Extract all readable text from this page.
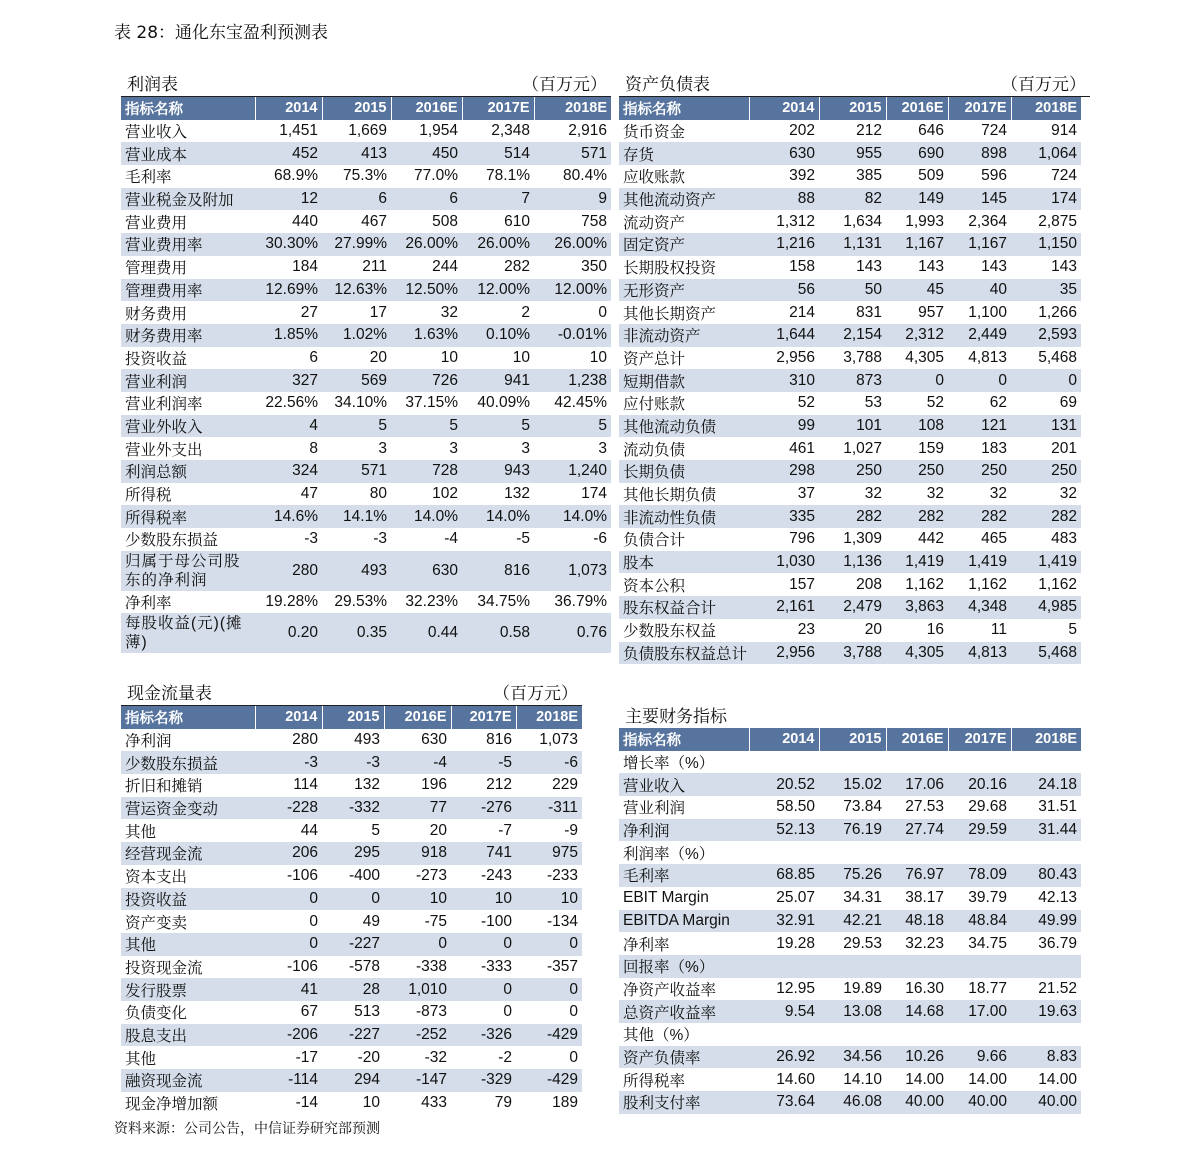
表 28：通化东宝盈利预测表
利润表	（百万元）
指标名称	2014	2015	2016E	2017E	2018E
营业收入	1,451	1,669	1,954	2,348	2,916
营业成本	452	413	450	514	571
毛利率	68.9%	75.3%	77.0%	78.1%	80.4%
营业税金及附加	12	6	6	7	9
营业费用	440	467	508	610	758
营业费用率	30.30%	27.99%	26.00%	26.00%	26.00%
管理费用	184	211	244	282	350
管理费用率	12.69%	12.63%	12.50%	12.00%	12.00%
财务费用	27	17	32	2	0
财务费用率	1.85%	1.02%	1.63%	0.10%	-0.01%
投资收益	6	20	10	10	10
营业利润	327	569	726	941	1,238
营业利润率	22.56%	34.10%	37.15%	40.09%	42.45%
营业外收入	4	5	5	5	5
营业外支出	8	3	3	3	3
利润总额	324	571	728	943	1,240
所得税	47	80	102	132	174
所得税率	14.6%	14.1%	14.0%	14.0%	14.0%
少数股东损益	-3	-3	-4	-5	-6
归属于母公司股东的净利润	280	493	630	816	1,073
净利率	19.28%	29.53%	32.23%	34.75%	36.79%
每股收益(元)(摊薄)	0.20	0.35	0.44	0.58	0.76
资产负债表	（百万元）
指标名称	2014	2015	2016E	2017E	2018E
货币资金	202	212	646	724	914
存货	630	955	690	898	1,064
应收账款	392	385	509	596	724
其他流动资产	88	82	149	145	174
流动资产	1,312	1,634	1,993	2,364	2,875
固定资产	1,216	1,131	1,167	1,167	1,150
长期股权投资	158	143	143	143	143
无形资产	56	50	45	40	35
其他长期资产	214	831	957	1,100	1,266
非流动资产	1,644	2,154	2,312	2,449	2,593
资产总计	2,956	3,788	4,305	4,813	5,468
短期借款	310	873	0	0	0
应付账款	52	53	52	62	69
其他流动负债	99	101	108	121	131
流动负债	461	1,027	159	183	201
长期负债	298	250	250	250	250
其他长期负债	37	32	32	32	32
非流动性负债	335	282	282	282	282
负债合计	796	1,309	442	465	483
股本	1,030	1,136	1,419	1,419	1,419
资本公积	157	208	1,162	1,162	1,162
股东权益合计	2,161	2,479	3,863	4,348	4,985
少数股东权益	23	20	16	11	5
负债股东权益总计	2,956	3,788	4,305	4,813	5,468
现金流量表	（百万元）
指标名称	2014	2015	2016E	2017E	2018E
净利润	280	493	630	816	1,073
少数股东损益	-3	-3	-4	-5	-6
折旧和摊销	114	132	196	212	229
营运资金变动	-228	-332	77	-276	-311
其他	44	5	20	-7	-9
经营现金流	206	295	918	741	975
资本支出	-106	-400	-273	-243	-233
投资收益	0	0	10	10	10
资产变卖	0	49	-75	-100	-134
其他	0	-227	0	0	0
投资现金流	-106	-578	-338	-333	-357
发行股票	41	28	1,010	0	0
负债变化	67	513	-873	0	0
股息支出	-206	-227	-252	-326	-429
其他	-17	-20	-32	-2	0
融资现金流	-114	294	-147	-329	-429
现金净增加额	-14	10	433	79	189
主要财务指标
指标名称	2014	2015	2016E	2017E	2018E
增长率（%）					
营业收入	20.52	15.02	17.06	20.16	24.18
营业利润	58.50	73.84	27.53	29.68	31.51
净利润	52.13	76.19	27.74	29.59	31.44
利润率（%）					
毛利率	68.85	75.26	76.97	78.09	80.43
EBIT Margin	25.07	34.31	38.17	39.79	42.13
EBITDA Margin	32.91	42.21	48.18	48.84	49.99
净利率	19.28	29.53	32.23	34.75	36.79
回报率（%）					
净资产收益率	12.95	19.89	16.30	18.77	21.52
总资产收益率	9.54	13.08	14.68	17.00	19.63
其他（%）					
资产负债率	26.92	34.56	10.26	9.66	8.83
所得税率	14.60	14.10	14.00	14.00	14.00
股利支付率	73.64	46.08	40.00	40.00	40.00
资料来源：公司公告，中信证券研究部预测
